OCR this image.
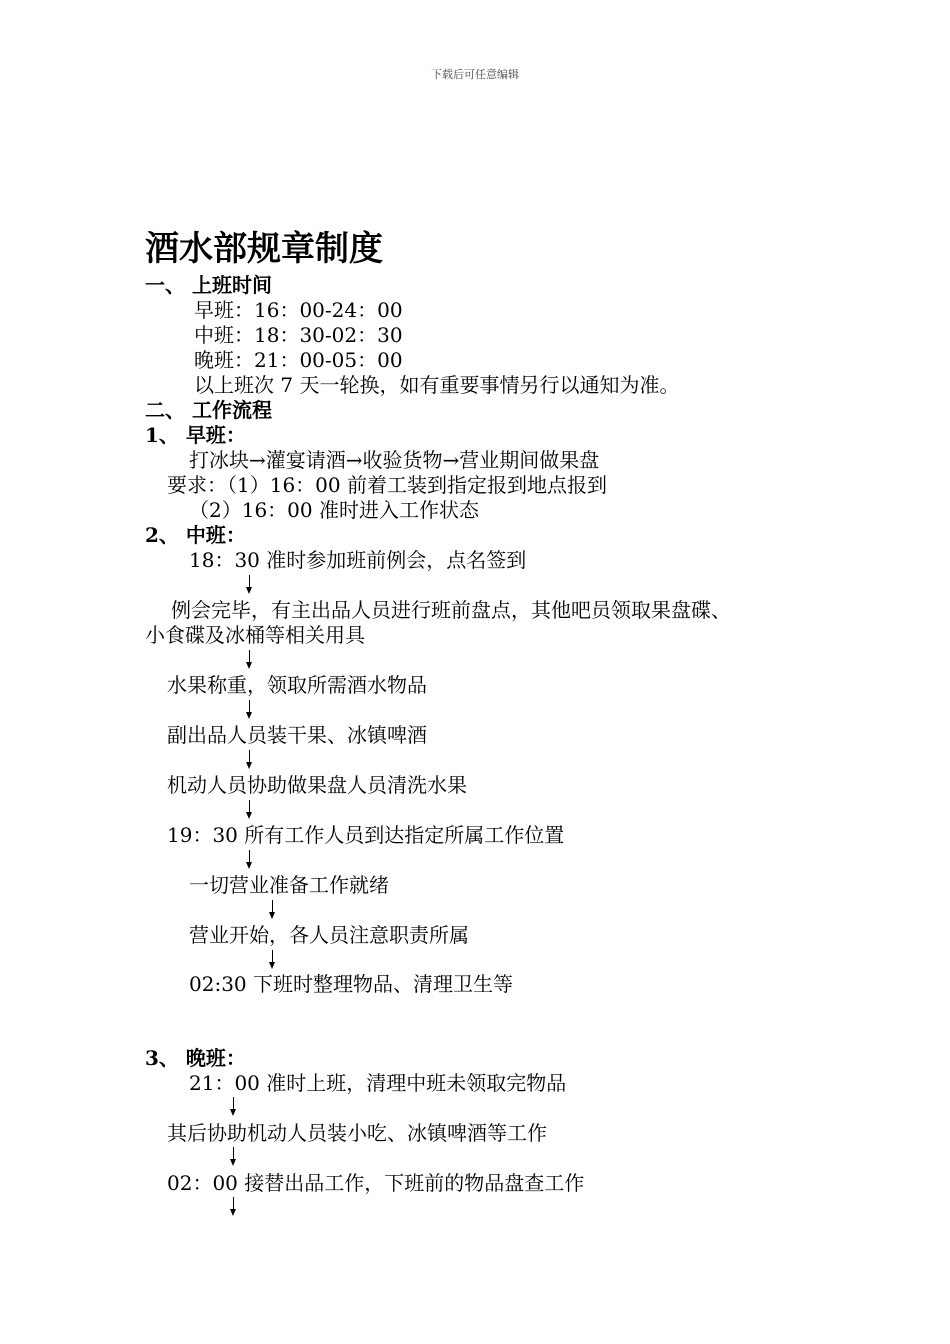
下载后可任意编辑
酒水部规章制度
一、 上班时间
早班：16：00-24：00
中班：18：30-02：30
晚班：21：00-05：00
以上班次 7 天一轮换，如有重要事情另行以通知为准。
二、 工作流程
1、 早班：
打冰块→灌宴请酒→收验货物→营业期间做果盘
要求：（1）16：00 前着工装到指定报到地点报到
（2）16：00 准时进入工作状态
2、 中班：
18：30 准时参加班前例会，点名签到
例会完毕，有主出品人员进行班前盘点，其他吧员领取果盘碟、
小食碟及冰桶等相关用具
水果称重，领取所需酒水物品
副出品人员装干果、冰镇啤酒
机动人员协助做果盘人员清洗水果
19：30 所有工作人员到达指定所属工作位置
一切营业准备工作就绪
营业开始，各人员注意职责所属
02:30 下班时整理物品、清理卫生等
3、 晚班：
21：00 准时上班，清理中班未领取完物品
其后协助机动人员装小吃、冰镇啤酒等工作
02：00 接替出品工作，下班前的物品盘查工作
